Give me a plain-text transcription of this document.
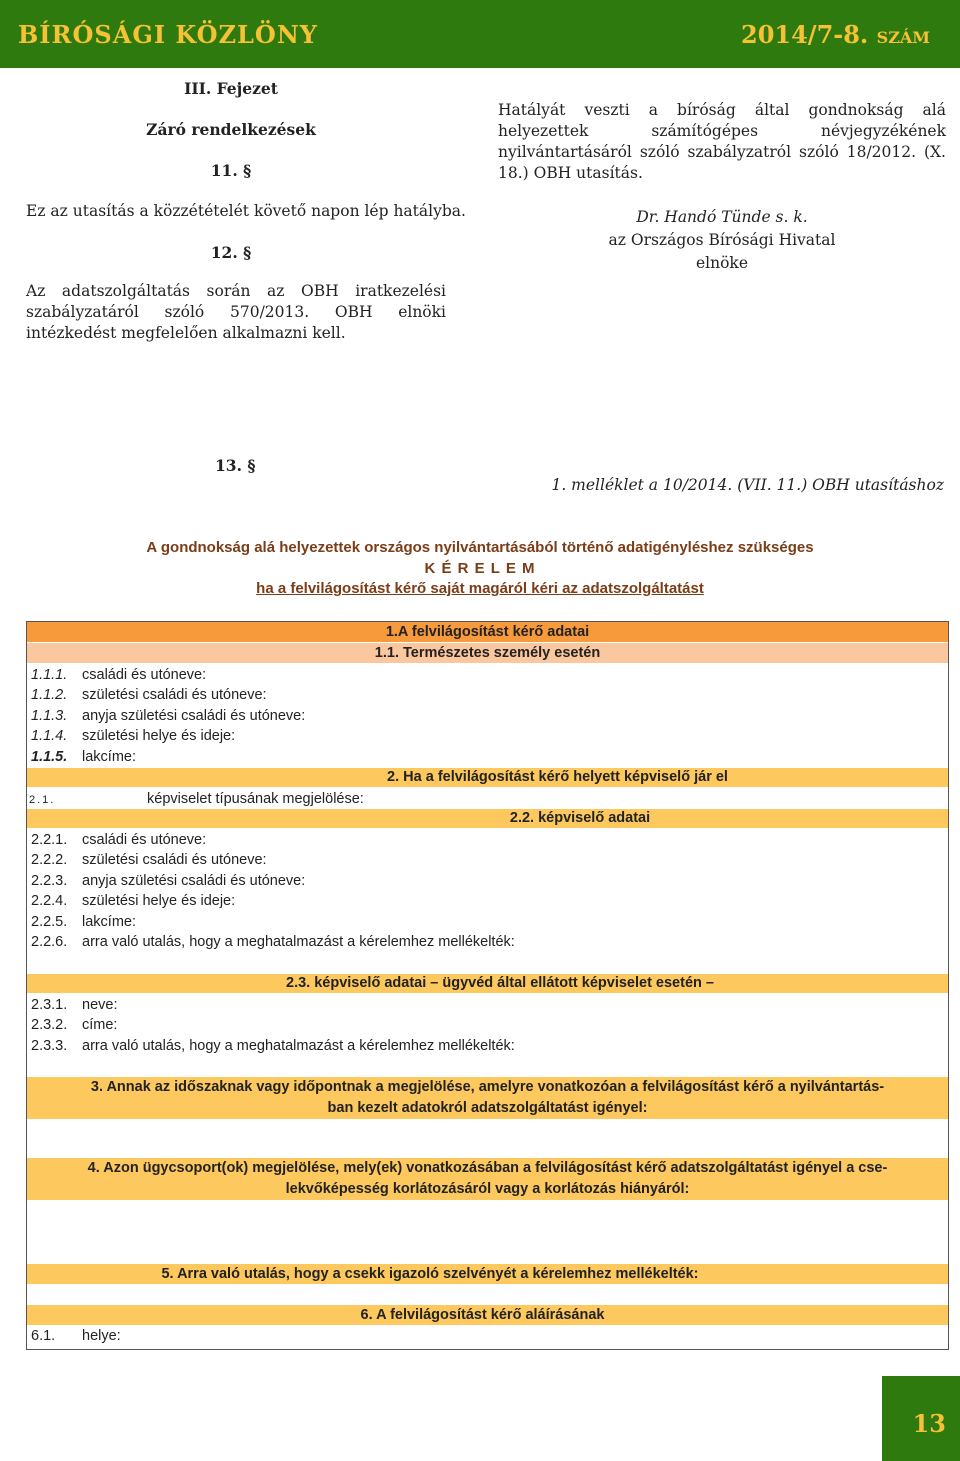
BÍRÓSÁGI KÖZLÖNY	2014/7-8. SZÁM
III. Fejezet
Záró rendelkezések
11. §
Ez az utasítás a közzétételét követő napon lép hatályba.
12. §
Az adatszolgáltatás során az OBH iratkezelési szabályzatáról szóló 570/2013. OBH elnöki intézkedést megfelelően alkalmazni kell.
Hatályát veszti a bíróság által gondnokság alá helyezettek számítógépes névjegyzékének nyilvántartásáról szóló szabályzatról szóló 18/2012. (X. 18.) OBH utasítás.
Dr. Handó Tünde s. k.
az Országos Bírósági Hivatal
elnöke
13. §
1. melléklet a 10/2014. (VII. 11.) OBH utasításhoz
A gondnokság alá helyezettek országos nyilvántartásából történő adatigényléshez szükséges
K É R E L E M
ha a felvilágosítást kérő saját magáról kéri az adatszolgáltatást
1.A felvilágosítást kérő adatai
1.1. Természetes személy esetén
1.1.1. családi és utóneve:
1.1.2. születési családi és utóneve:
1.1.3. anyja születési családi és utóneve:
1.1.4. születési helye és ideje:
1.1.5. lakcíme:
2. Ha a felvilágosítást kérő helyett képviselő jár el
2.1.	képviselet típusának megjelölése:
2.2. képviselő adatai
2.2.1. családi és utóneve:
2.2.2. születési családi és utóneve:
2.2.3. anyja születési családi és utóneve:
2.2.4. születési helye és ideje:
2.2.5. lakcíme:
2.2.6. arra való utalás, hogy a meghatalmazást a kérelemhez mellékelték:
2.3. képviselő adatai – ügyvéd által ellátott képviselet esetén –
2.3.1. neve:
2.3.2. címe:
2.3.3. arra való utalás, hogy a meghatalmazást a kérelemhez mellékelték:
3. Annak az időszaknak vagy időpontnak a megjelölése, amelyre vonatkozóan a felvilágosítást kérő a nyilvántartás-
ban kezelt adatokról adatszolgáltatást igényel:
4. Azon ügycsoport(ok) megjelölése, mely(ek) vonatkozásában a felvilágosítást kérő adatszolgáltatást igényel a cse-
lekvőképesség korlátozásáról vagy a korlátozás hiányáról:
5. Arra való utalás, hogy a csekk igazoló szelvényét a kérelemhez mellékelték:
6. A felvilágosítást kérő aláírásának
6.1. helye:
13
